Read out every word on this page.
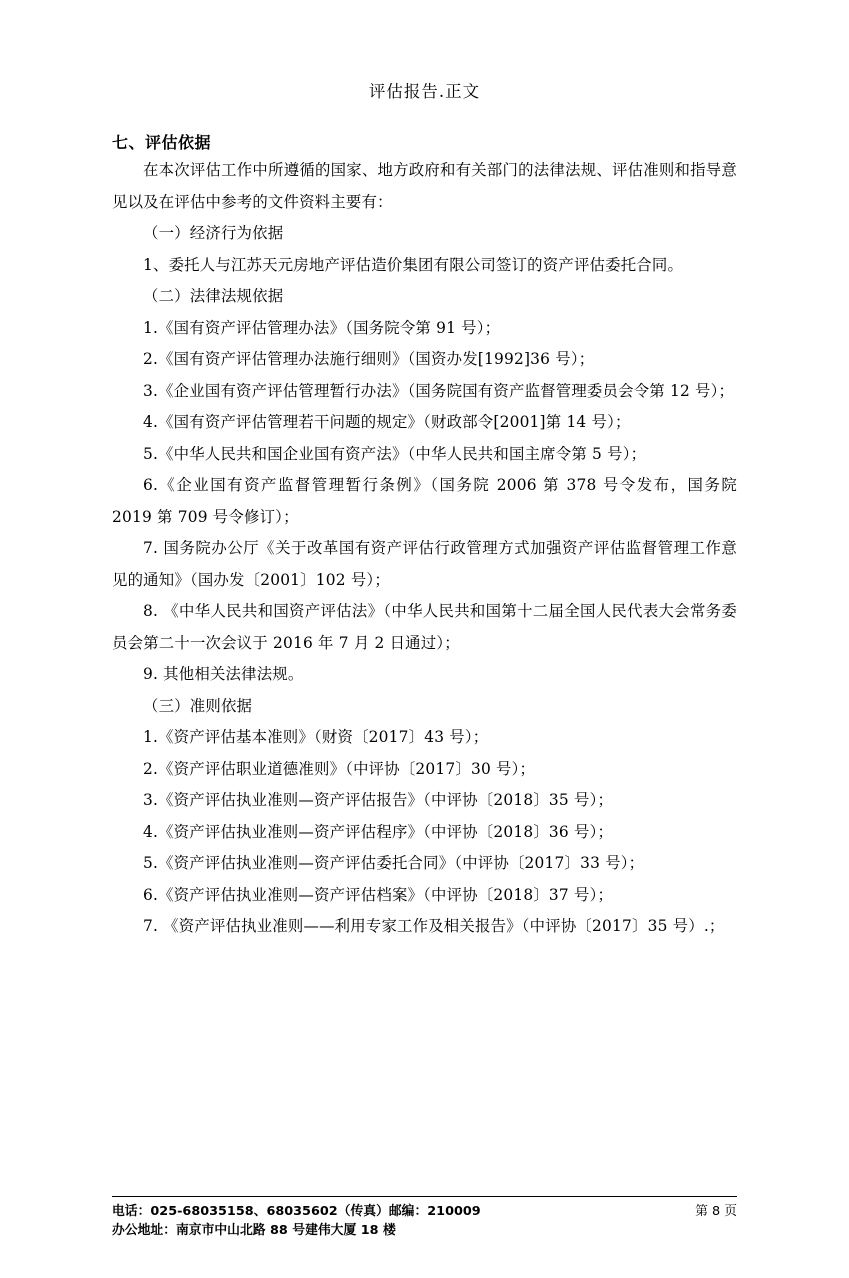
评估报告.正文
七、评估依据

在本次评估工作中所遵循的国家、地方政府和有关部门的法律法规、评估准则和指导意见以及在评估中参考的文件资料主要有：

（一）经济行为依据

1、委托人与江苏天元房地产评估造价集团有限公司签订的资产评估委托合同。

（二）法律法规依据

1.《国有资产评估管理办法》（国务院令第 91 号）；

2.《国有资产评估管理办法施行细则》（国资办发[1992]36 号）；

3.《企业国有资产评估管理暂行办法》（国务院国有资产监督管理委员会令第 12 号）；

4.《国有资产评估管理若干问题的规定》（财政部令[2001]第 14 号）；

5.《中华人民共和国企业国有资产法》（中华人民共和国主席令第 5 号）；

6.《企业国有资产监督管理暂行条例》（国务院 2006 第 378 号令发布，国务院 2019 第 709 号令修订）；

7. 国务院办公厅《关于改革国有资产评估行政管理方式加强资产评估监督管理工作意见的通知》（国办发〔2001〕102 号）；

8. 《中华人民共和国资产评估法》（中华人民共和国第十二届全国人民代表大会常务委员会第二十一次会议于 2016 年 7 月 2 日通过）；

9. 其他相关法律法规。

（三）准则依据

1.《资产评估基本准则》（财资〔2017〕43 号）；

2.《资产评估职业道德准则》（中评协〔2017〕30 号）；

3.《资产评估执业准则—资产评估报告》（中评协〔2018〕35 号）；

4.《资产评估执业准则—资产评估程序》（中评协〔2018〕36 号）；

5.《资产评估执业准则—资产评估委托合同》（中评协〔2017〕33 号）；

6.《资产评估执业准则—资产评估档案》（中评协〔2018〕37 号）；

7. 《资产评估执业准则——利用专家工作及相关报告》（中评协〔2017〕35 号）.；

电话：025-68035158、68035602（传真）邮编：210009	第 8 页
办公地址：南京市中山北路 88 号建伟大厦 18 楼
